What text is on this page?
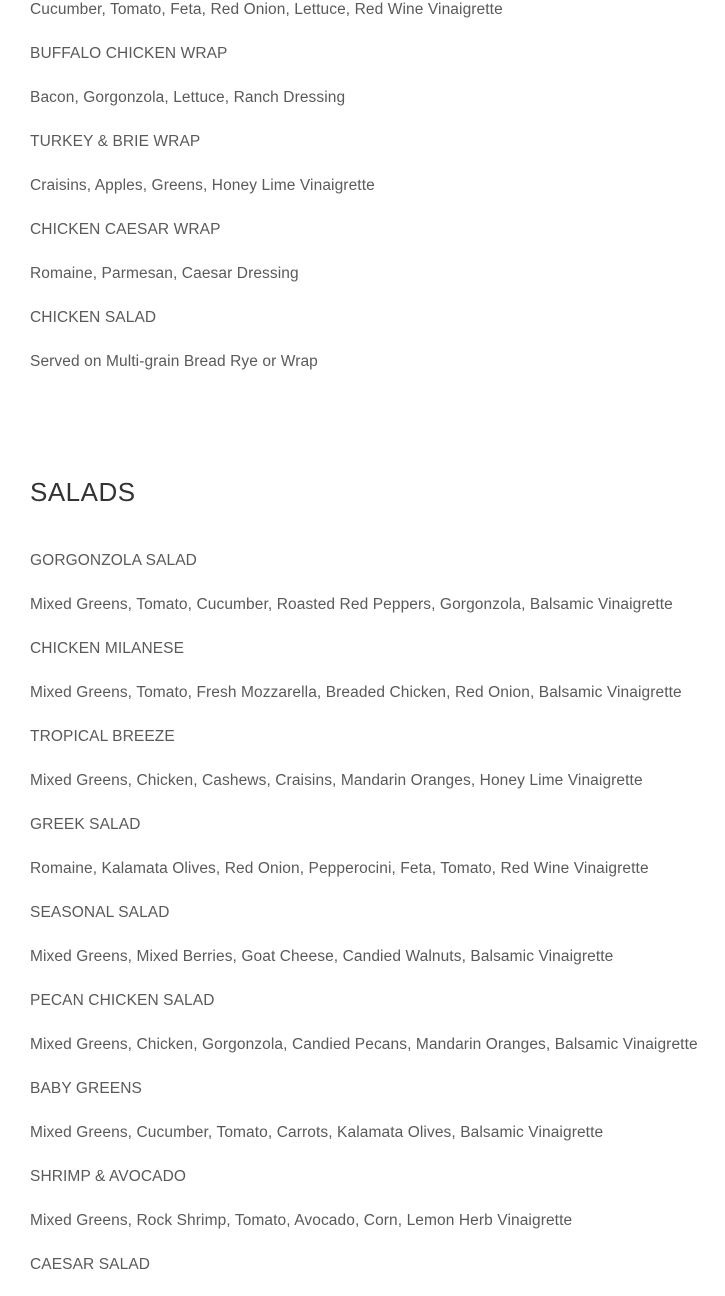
Cucumber, Tomato, Feta, Red Onion, Lettuce, Red Wine Vinaigrette

BUFFALO CHICKEN WRAP

Bacon, Gorgonzola, Lettuce, Ranch Dressing

TURKEY & BRIE WRAP

Craisins, Apples, Greens, Honey Lime Vinaigrette

CHICKEN CAESAR WRAP

Romaine, Parmesan, Caesar Dressing

CHICKEN SALAD

Served on Multi-grain Bread Rye or Wrap

SALADS

GORGONZOLA SALAD

Mixed Greens, Tomato, Cucumber, Roasted Red Peppers, Gorgonzola, Balsamic Vinaigrette

CHICKEN MILANESE

Mixed Greens, Tomato, Fresh Mozzarella, Breaded Chicken, Red Onion, Balsamic Vinaigrette

TROPICAL BREEZE

Mixed Greens, Chicken, Cashews, Craisins, Mandarin Oranges, Honey Lime Vinaigrette

GREEK SALAD

Romaine, Kalamata Olives, Red Onion, Pepperocini, Feta, Tomato, Red Wine Vinaigrette

SEASONAL SALAD

Mixed Greens, Mixed Berries, Goat Cheese, Candied Walnuts, Balsamic Vinaigrette

PECAN CHICKEN SALAD

Mixed Greens, Chicken, Gorgonzola, Candied Pecans, Mandarin Oranges, Balsamic Vinaigrette

BABY GREENS

Mixed Greens, Cucumber, Tomato, Carrots, Kalamata Olives, Balsamic Vinaigrette

SHRIMP & AVOCADO

Mixed Greens, Rock Shrimp, Tomato, Avocado, Corn, Lemon Herb Vinaigrette

CAESAR SALAD
